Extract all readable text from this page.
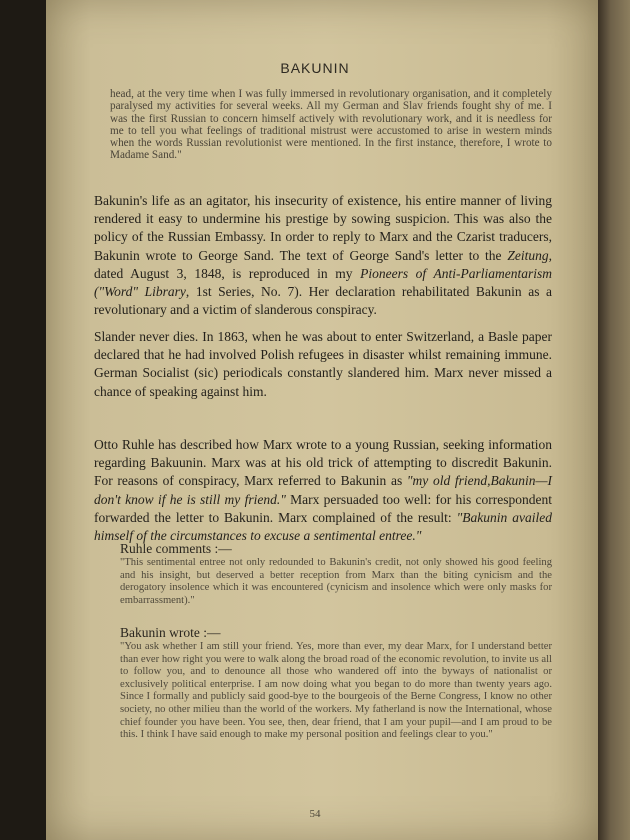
BAKUNIN
head, at the very time when I was fully immersed in revolutionary organisation, and it completely paralysed my activities for several weeks. All my German and Slav friends fought shy of me. I was the first Russian to concern himself actively with revolutionary work, and it is needless for me to tell you what feelings of traditional mistrust were accustomed to arise in western minds when the words Russian revolutionist were mentioned. In the first instance, therefore, I wrote to Madame Sand."
Bakunin's life as an agitator, his insecurity of existence, his entire manner of living rendered it easy to undermine his prestige by sowing suspicion. This was also the policy of the Russian Embassy. In order to reply to Marx and the Czarist traducers, Bakunin wrote to George Sand. The text of George Sand's letter to the Zeitung, dated August 3, 1848, is reproduced in my Pioneers of Anti-Parliamentarism ("Word" Library, 1st Series, No. 7). Her declaration rehabilitated Bakunin as a revolutionary and a victim of slanderous conspiracy.
Slander never dies. In 1863, when he was about to enter Switzerland, a Basle paper declared that he had involved Polish refugees in disaster whilst remaining immune. German Socialist (sic) periodicals constantly slandered him. Marx never missed a chance of speaking against him.
Otto Ruhle has described how Marx wrote to a young Russian, seeking information regarding Bakuunin. Marx was at his old trick of attempting to discredit Bakunin. For reasons of conspiracy, Marx referred to Bakunin as "my old friend,Bakunin—I don't know if he is still my friend." Marx persuaded too well: for his correspondent forwarded the letter to Bakunin. Marx complained of the result: "Bakunin availed himself of the circumstances to excuse a sentimental entree."
Ruhle comments :—
"This sentimental entree not only redounded to Bakunin's credit, not only showed his good feeling and his insight, but deserved a better reception from Marx than the biting cynicism and the derogatory insolence which it was encountered (cynicism and insolence which were only masks for embarrassment)."
Bakunin wrote :—
"You ask whether I am still your friend. Yes, more than ever, my dear Marx, for I understand better than ever how right you were to walk along the broad road of the economic revolution, to invite us all to follow you, and to denounce all those who wandered off into the byways of nationalist or exclusively political enterprise. I am now doing what you began to do more than twenty years ago. Since I formally and publicly said good-bye to the bourgeois of the Berne Congress, I know no other society, no other milieu than the world of the workers. My fatherland is now the International, whose chief founder you have been. You see, then, dear friend, that I am your pupil—and I am proud to be this. I think I have said enough to make my personal position and feelings clear to you."
54
